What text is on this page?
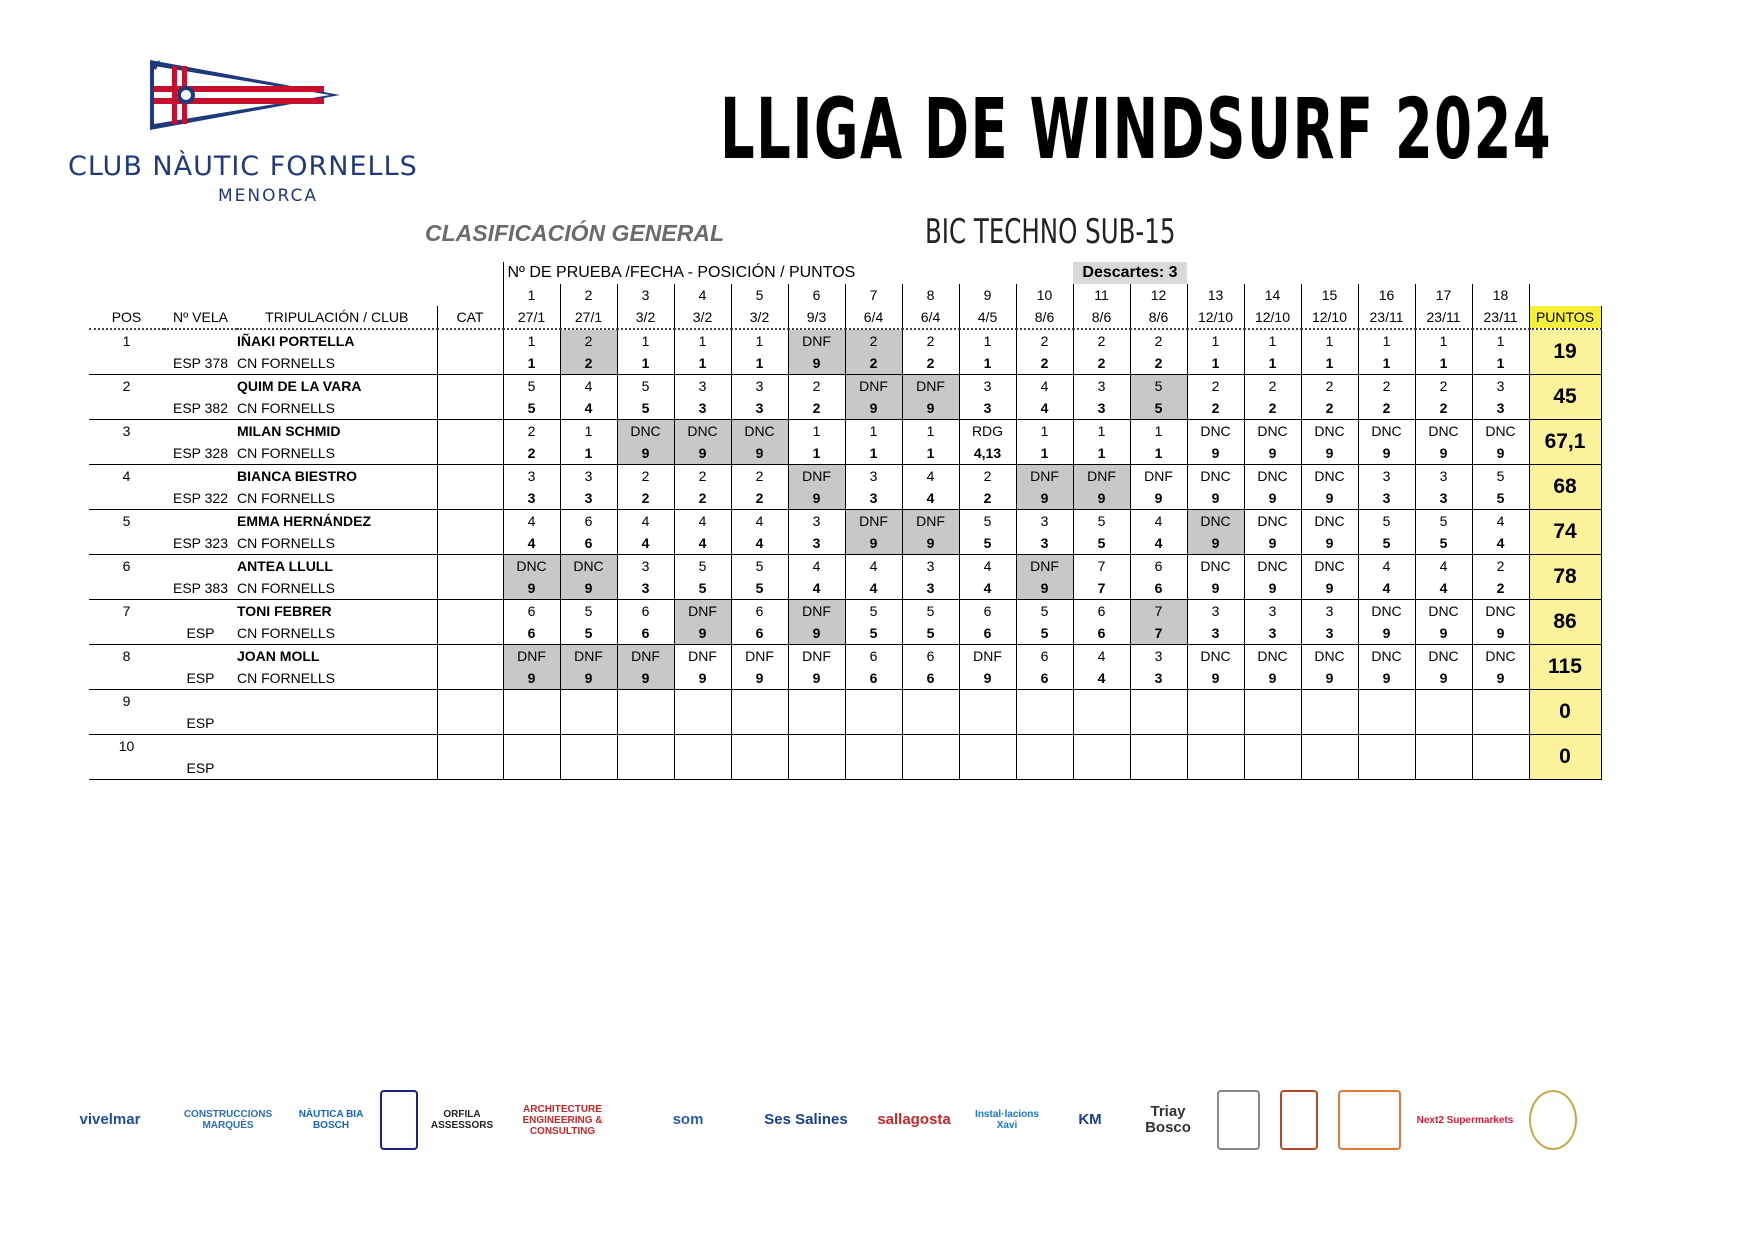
CLUB NÀUTIC FORNELLS
MENORCA
LLIGA DE WINDSURF 2024
CLASIFICACIÓN GENERAL	BIC TECHNO SUB-15
				Nº DE PRUEBA /FECHA - POSICIÓN / PUNTOS										Descartes: 3								
				1	2	3	4	5	6	7	8	9	10	11	12	13	14	15	16	17	18	
POS	Nº VELA	TRIPULACIÓN / CLUB	CAT	27/1	27/1	3/2	3/2	3/2	9/3	6/4	6/4	4/5	8/6	8/6	8/6	12/10	12/10	12/10	23/11	23/11	23/11	PUNTOS
1		IÑAKI PORTELLA		1	2	1	1	1	DNF	2	2	1	2	2	2	1	1	1	1	1	1	19
	ESP 378	CN FORNELLS		1	2	1	1	1	9	2	2	1	2	2	2	1	1	1	1	1	1	
2		QUIM DE LA VARA		5	4	5	3	3	2	DNF	DNF	3	4	3	5	2	2	2	2	2	3	45
	ESP 382	CN FORNELLS		5	4	5	3	3	2	9	9	3	4	3	5	2	2	2	2	2	3	
3		MILAN SCHMID		2	1	DNC	DNC	DNC	1	1	1	RDG	1	1	1	DNC	DNC	DNC	DNC	DNC	DNC	67,1
	ESP 328	CN FORNELLS		2	1	9	9	9	1	1	1	4,13	1	1	1	9	9	9	9	9	9	
4		BIANCA BIESTRO		3	3	2	2	2	DNF	3	4	2	DNF	DNF	DNF	DNC	DNC	DNC	3	3	5	68
	ESP 322	CN FORNELLS		3	3	2	2	2	9	3	4	2	9	9	9	9	9	9	3	3	5	
5		EMMA HERNÁNDEZ		4	6	4	4	4	3	DNF	DNF	5	3	5	4	DNC	DNC	DNC	5	5	4	74
	ESP 323	CN FORNELLS		4	6	4	4	4	3	9	9	5	3	5	4	9	9	9	5	5	4	
6		ANTEA LLULL		DNC	DNC	3	5	5	4	4	3	4	DNF	7	6	DNC	DNC	DNC	4	4	2	78
	ESP 383	CN FORNELLS		9	9	3	5	5	4	4	3	4	9	7	6	9	9	9	4	4	2	
7		TONI FEBRER		6	5	6	DNF	6	DNF	5	5	6	5	6	7	3	3	3	DNC	DNC	DNC	86
	ESP	CN FORNELLS		6	5	6	9	6	9	5	5	6	5	6	7	3	3	3	9	9	9	
8		JOAN MOLL		DNF	DNF	DNF	DNF	DNF	DNF	6	6	DNF	6	4	3	DNC	DNC	DNC	DNC	DNC	DNC	115
	ESP	CN FORNELLS		9	9	9	9	9	9	6	6	9	6	4	3	9	9	9	9	9	9	
9																						0
	ESP																					
10																						0
	ESP																					
vivelmar	CONSTRUCCIONS MARQUÈS
NÀUTICA BIA BOSCH
ORFILA ASSESSORS
ARCHITECTURE ENGINEERING & CONSULTING
som	Ses Salines sallagosta	Instal·lacions Xavi	KM	Triay Bosco	Next2 Supermarkets
